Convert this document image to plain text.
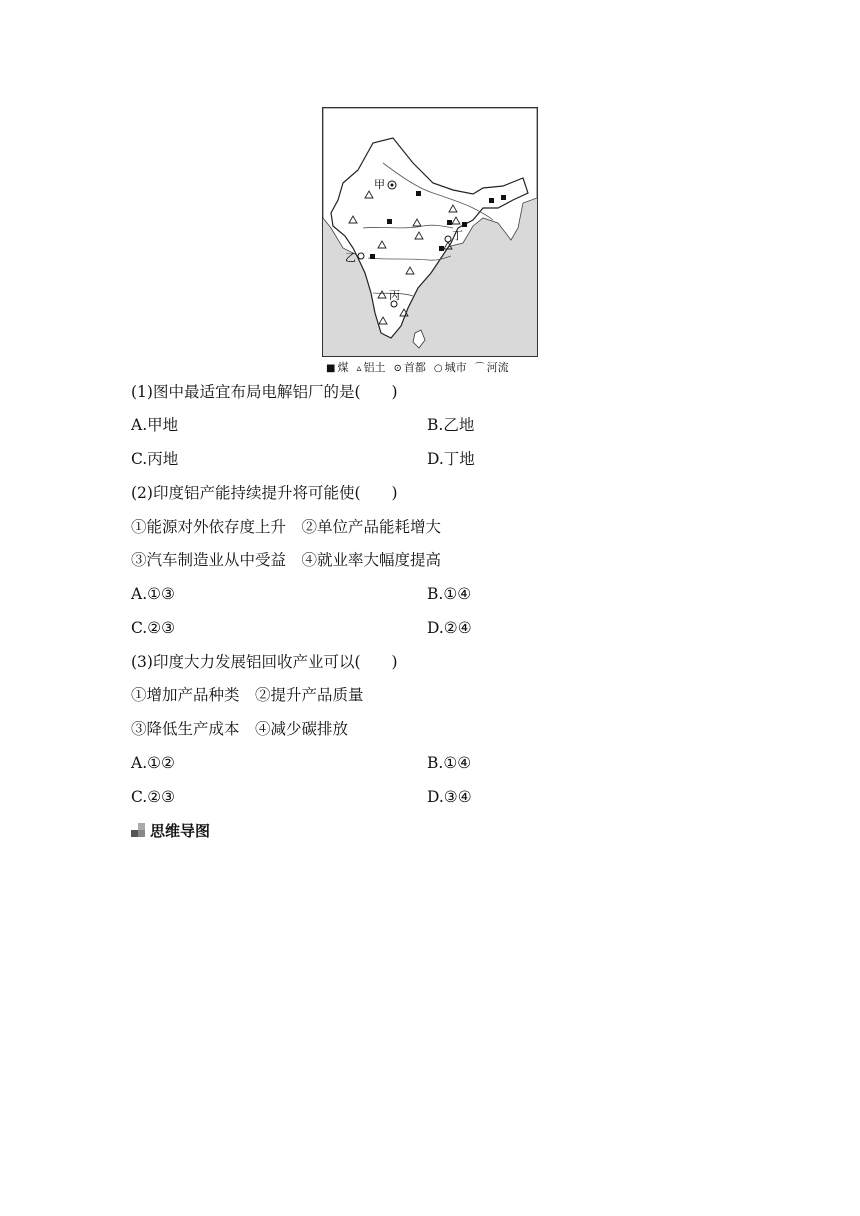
甲
乙
丙
丁
■ 煤 ▵ 铝土 ⊙ 首都 ○ 城市 ⌒ 河流
(1)图中最适宜布局电解铝厂的是(　　)
A.甲地	B.乙地
C.丙地	D.丁地
(2)印度铝产能持续提升将可能使(　　)
①能源对外依存度上升　②单位产品能耗增大
③汽车制造业从中受益　④就业率大幅度提高
A.①③	B.①④
C.②③	D.②④
(3)印度大力发展铝回收产业可以(　　)
①增加产品种类　②提升产品质量
③降低生产成本　④减少碳排放
A.①②	B.①④
C.②③	D.③④
思维导图
